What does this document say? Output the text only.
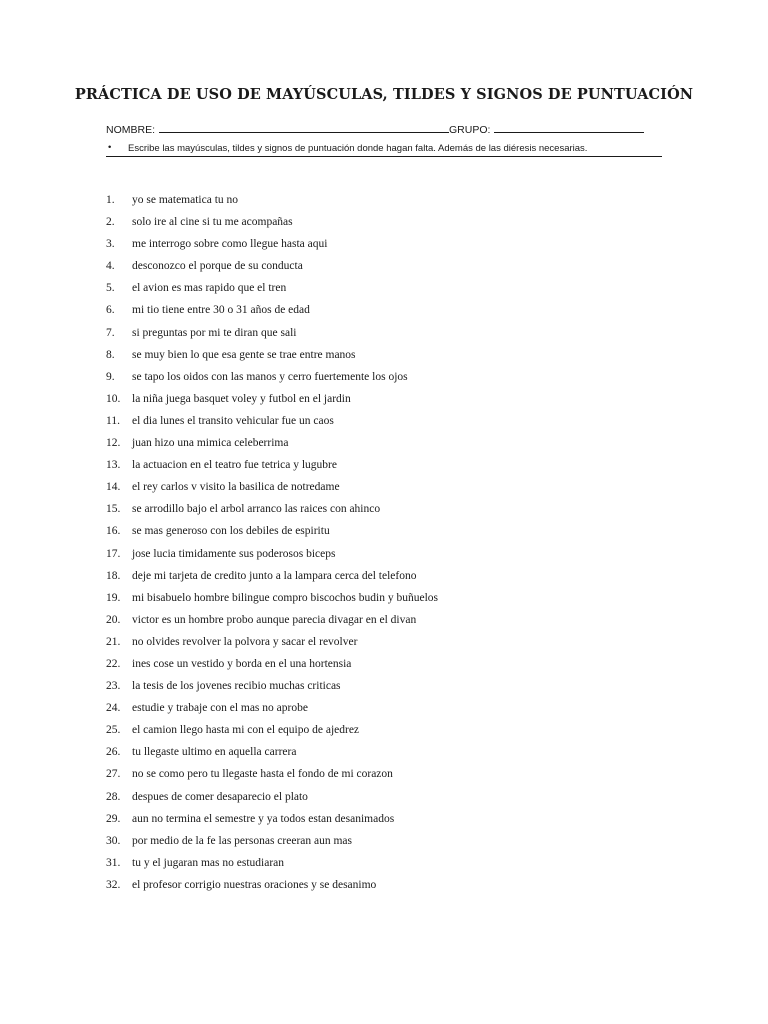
PRÁCTICA DE USO DE MAYÚSCULAS, TILDES Y SIGNOS DE PUNTUACIÓN
NOMBRE:	GRUPO:
• Escribe las mayúsculas, tildes y signos de puntuación donde hagan falta. Además de las diéresis necesarias.
1. yo se matematica tu no
2. solo ire al cine si tu me acompañas
3. me interrogo sobre como llegue hasta aqui
4. desconozco el porque de su conducta
5. el avion es mas rapido que el tren
6. mi tio tiene entre 30 o 31 años de edad
7. si preguntas por mi te diran que sali
8. se muy bien lo que esa gente se trae entre manos
9. se tapo los oidos con las manos y cerro fuertemente los ojos
10. la niña juega basquet voley y futbol en el jardin
11. el dia lunes el transito vehicular fue un caos
12. juan hizo una mimica celeberrima
13. la actuacion en el teatro fue tetrica y lugubre
14. el rey carlos v visito la basilica de notredame
15. se arrodillo bajo el arbol arranco las raices con ahinco
16. se mas generoso con los debiles de espiritu
17. jose lucia timidamente sus poderosos biceps
18. deje mi tarjeta de credito junto a la lampara cerca del telefono
19. mi bisabuelo hombre bilingue compro biscochos budin y buñuelos
20. victor es un hombre probo aunque parecia divagar en el divan
21. no olvides revolver la polvora y sacar el revolver
22. ines cose un vestido y borda en el una hortensia
23. la tesis de los jovenes recibio muchas criticas
24. estudie y trabaje con el mas no aprobe
25. el camion llego hasta mi con el equipo de ajedrez
26. tu llegaste ultimo en aquella carrera
27. no se como pero tu llegaste hasta el fondo de mi corazon
28. despues de comer desaparecio el plato
29. aun no termina el semestre y ya todos estan desanimados
30. por medio de la fe las personas creeran aun mas
31. tu y el jugaran mas no estudiaran
32. el profesor corrigio nuestras oraciones y se desanimo
